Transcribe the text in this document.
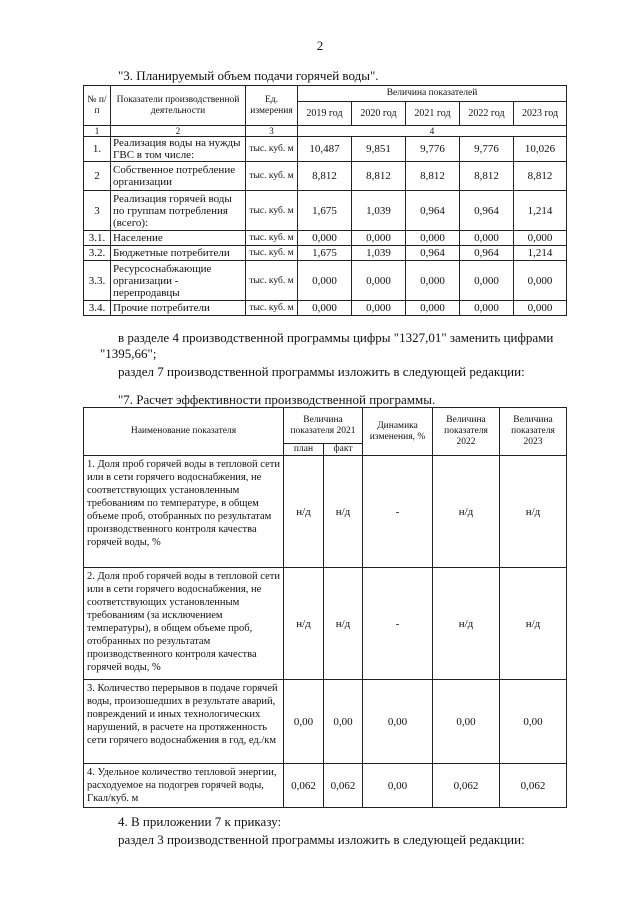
2
"3. Планируемый объем подачи горячей воды".
№ п/п	Показатели производственной деятельности	Ед. измерения	Величина показателей				
			2019 год	2020 год	2021 год	2022 год	2023 год
1	2	3	4				
1.	Реализация воды на нужды ГВС в том числе:	тыс. куб. м	10,487	9,851	9,776	9,776	10,026
2	Собственное потребление организации	тыс. куб. м	8,812	8,812	8,812	8,812	8,812
3	Реализация горячей воды по группам потребления (всего):	тыс. куб. м	1,675	1,039	0,964	0,964	1,214
3.1.	Население	тыс. куб. м	0,000	0,000	0,000	0,000	0,000
3.2.	Бюджетные потребители	тыс. куб. м	1,675	1,039	0,964	0,964	1,214
3.3.	Ресурсоснабжающие организации - перепродавцы	тыс. куб. м	0,000	0,000	0,000	0,000	0,000
3.4.	Прочие потребители	тыс. куб. м	0,000	0,000	0,000	0,000	0,000
в разделе 4 производственной программы цифры "1327,01" заменить цифрами "1395,66";
раздел 7 производственной программы изложить в следующей редакции:
"7. Расчет эффективности производственной программы.
Наименование показателя	Величина показателя 2021		Динамика изменения, %	Величина показателя 2022	Величина показателя 2023
	план	факт			
1. Доля проб горячей воды в тепловой сети или в сети горячего водоснабжения, не соответствующих установленным требованиям по температуре, в общем объеме проб, отобранных по результатам производственного контроля качества горячей воды, %	н/д	н/д	-	н/д	н/д
2. Доля проб горячей воды в тепловой сети или в сети горячего водоснабжения, не соответствующих установленным требованиям (за исключением температуры), в общем объеме проб, отобранных по результатам производственного контроля качества горячей воды, %	н/д	н/д	-	н/д	н/д
3. Количество перерывов в подаче горячей воды, произошедших в результате аварий, повреждений и иных технологических нарушений, в расчете на протяженность сети горячего водоснабжения в год, ед./км	0,00	0,00	0,00	0,00	0,00
4. Удельное количество тепловой энергии, расходуемое на подогрев горячей воды, Гкал/куб. м	0,062	0,062	0,00	0,062	0,062
4. В приложении 7 к приказу:
раздел 3 производственной программы изложить в следующей редакции:
